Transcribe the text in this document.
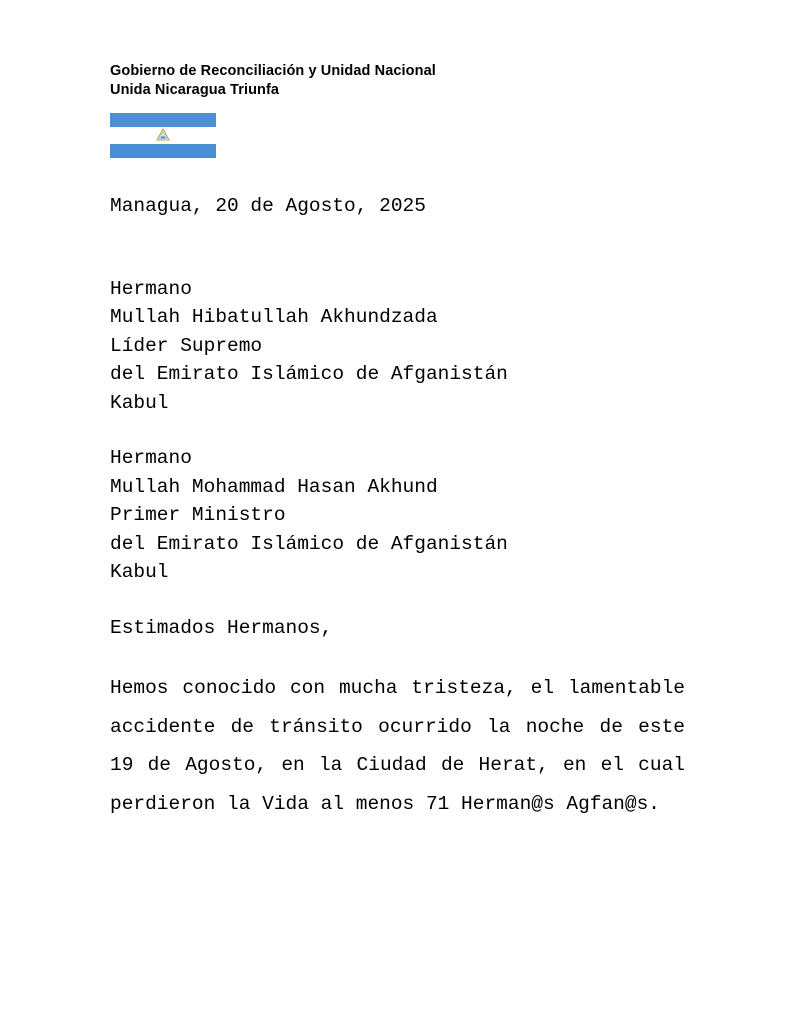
Gobierno de Reconciliación y Unidad Nacional
Unida Nicaragua Triunfa
Managua, 20 de Agosto, 2025
Hermano
Mullah Hibatullah Akhundzada
Líder Supremo
del Emirato Islámico de Afganistán
Kabul
Hermano
Mullah Mohammad Hasan Akhund
Primer Ministro
del Emirato Islámico de Afganistán
Kabul
Estimados Hermanos,
Hemos conocido con mucha tristeza, el lamentable accidente de tránsito ocurrido la noche de este 19 de Agosto, en la Ciudad de Herat, en el cual perdieron la Vida al menos 71 Herman@s Agfan@s.
